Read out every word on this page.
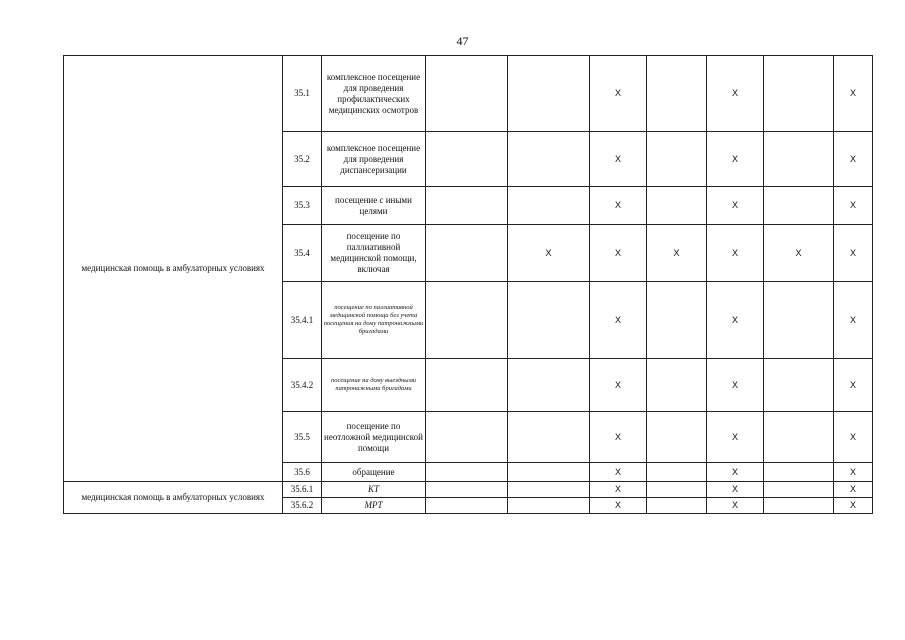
47
медицинская помощь в амбулаторных условиях	35.1	комплексное посещение для проведения профилактических медицинских осмотров			X		X		X
	35.2	комплексное посещение для проведения диспансеризации			X		X		X
	35.3	посещение с иными целями			X		X		X
	35.4	посещение по паллиативной медицинской помощи, включая		X	X	X	X	X	X
	35.4.1	посещение по паллиативной медицинской помощи без учета посещения на дому патронажными бригадами			X		X		X
	35.4.2	посещение на дому выездными патронажными бригадами			X		X		X
	35.5	посещение по неотложной медицинской помощи			X		X		X
	35.6	обращение			X		X		X
медицинская помощь в амбулаторных условиях	35.6.1	КТ			X		X		X
	35.6.2	МРТ			X		X		X
